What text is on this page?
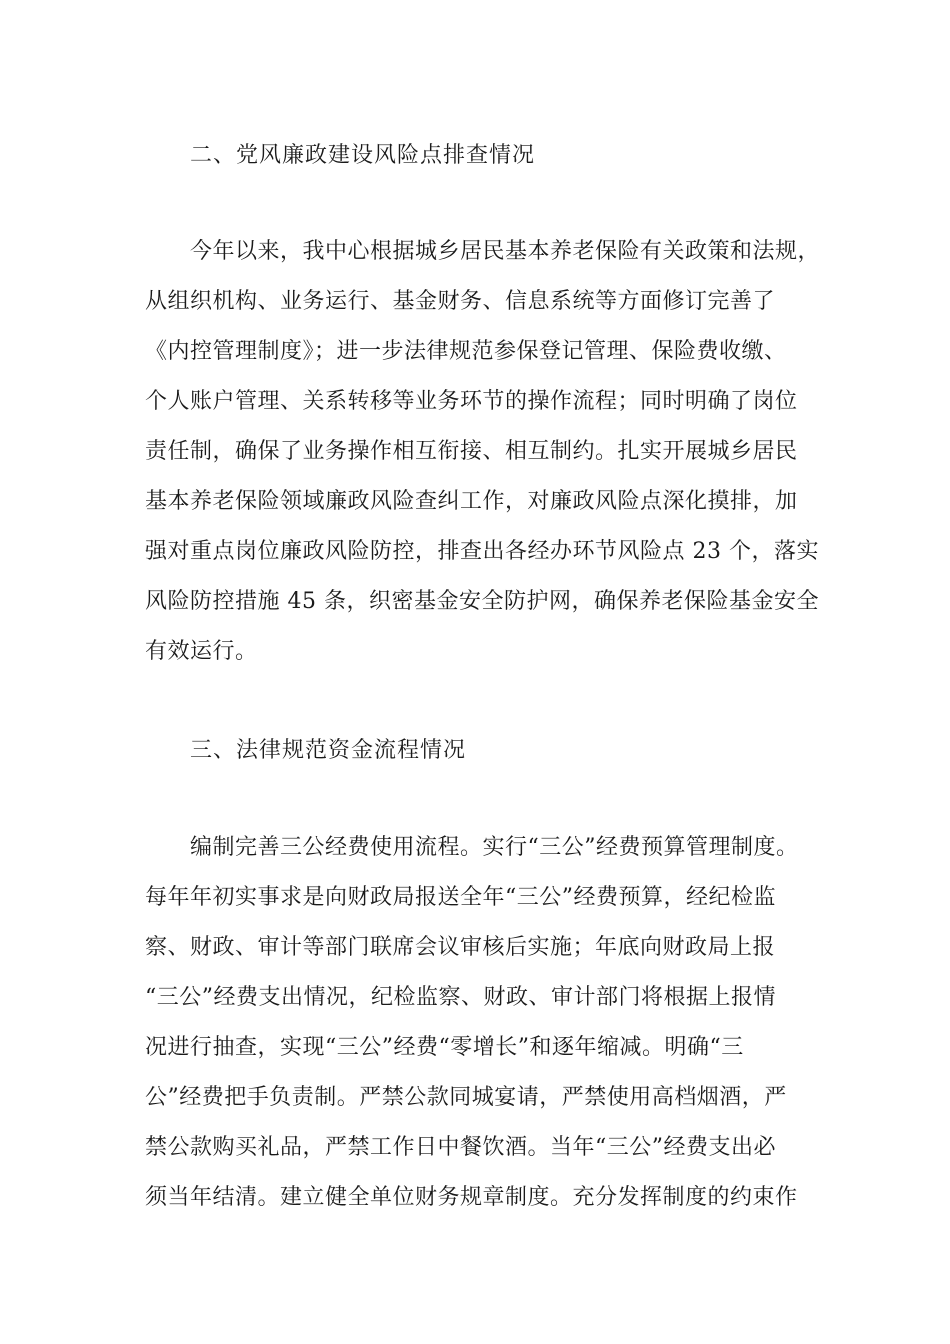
二、党风廉政建设风险点排查情况
今年以来，我中心根据城乡居民基本养老保险有关政策和法规，
从组织机构、业务运行、基金财务、信息系统等方面修订完善了
《内控管理制度》；进一步法律规范参保登记管理、保险费收缴、
个人账户管理、关系转移等业务环节的操作流程；同时明确了岗位
责任制，确保了业务操作相互衔接、相互制约。扎实开展城乡居民
基本养老保险领域廉政风险查纠工作，对廉政风险点深化摸排，加
强对重点岗位廉政风险防控，排查出各经办环节风险点 23 个，落实
风险防控措施 45 条，织密基金安全防护网，确保养老保险基金安全
有效运行。
三、法律规范资金流程情况
编制完善三公经费使用流程。实行“三公”经费预算管理制度。
每年年初实事求是向财政局报送全年“三公”经费预算，经纪检监
察、财政、审计等部门联席会议审核后实施；年底向财政局上报
“三公”经费支出情况，纪检监察、财政、审计部门将根据上报情
况进行抽查，实现“三公”经费“零增长”和逐年缩减。明确“三
公”经费把手负责制。严禁公款同城宴请，严禁使用高档烟酒，严
禁公款购买礼品，严禁工作日中餐饮酒。当年“三公”经费支出必
须当年结清。建立健全单位财务规章制度。充分发挥制度的约束作
